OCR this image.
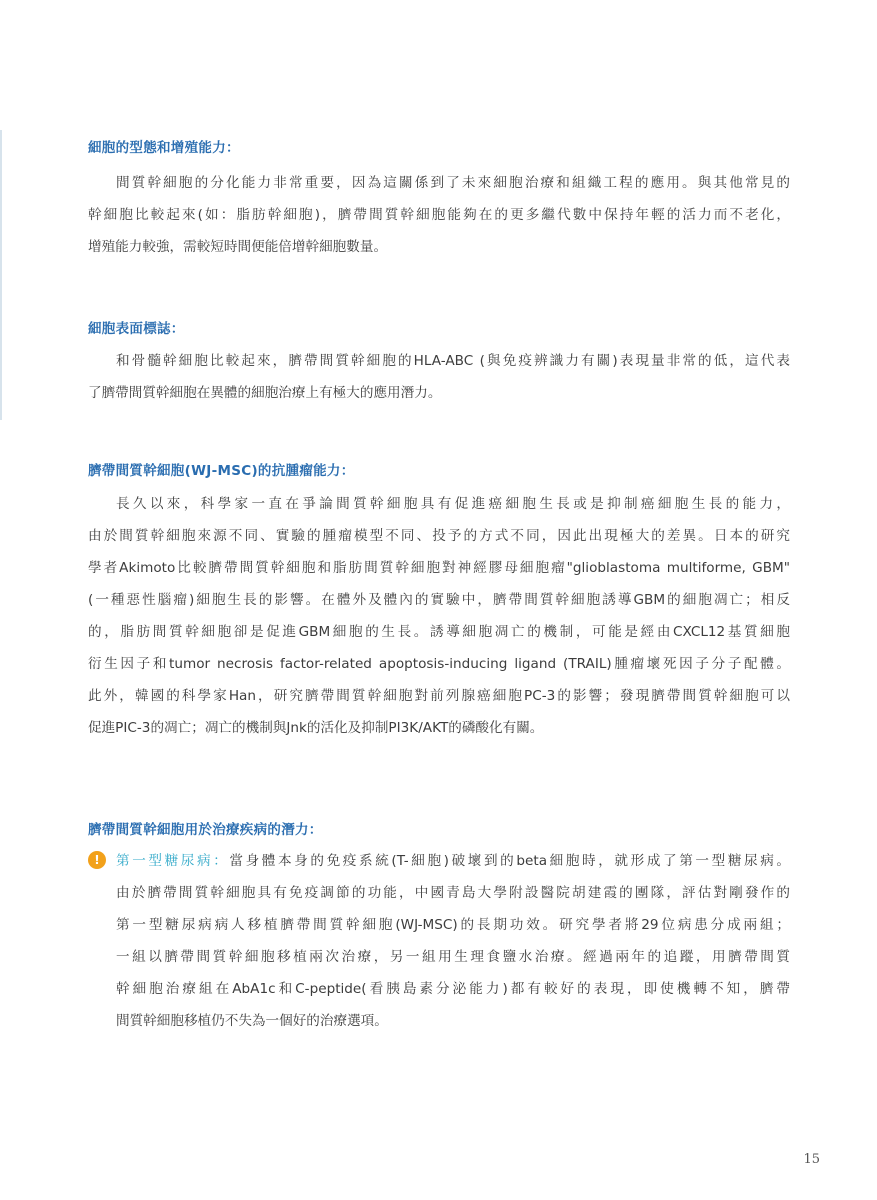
細胞的型態和增殖能力：

間質幹細胞的分化能力非常重要，因為這關係到了未來細胞治療和組織工程的應用。與其他常見的

幹細胞比較起來(如：脂肪幹細胞)，臍帶間質幹細胞能夠在的更多繼代數中保持年輕的活力而不老化，

增殖能力較強，需較短時間便能倍增幹細胞數量。

細胞表面標誌：

和骨髓幹細胞比較起來，臍帶間質幹細胞的HLA-ABC (與免疫辨識力有關)表現量非常的低，這代表

了臍帶間質幹細胞在異體的細胞治療上有極大的應用潛力。

臍帶間質幹細胞(WJ-MSC)的抗腫瘤能力：

長久以來，科學家一直在爭論間質幹細胞具有促進癌細胞生長或是抑制癌細胞生長的能力，

由於間質幹細胞來源不同、實驗的腫瘤模型不同、投予的方式不同，因此出現極大的差異。日本的研究

學者Akimoto比較臍帶間質幹細胞和脂肪間質幹細胞對神經膠母細胞瘤"glioblastoma multiforme, GBM"

(一種惡性腦瘤)細胞生長的影響。在體外及體內的實驗中，臍帶間質幹細胞誘導GBM的細胞凋亡；相反

的，脂肪間質幹細胞卻是促進GBM細胞的生長。誘導細胞凋亡的機制，可能是經由CXCL12基質細胞

衍生因子和tumor necrosis factor-related apoptosis-inducing ligand (TRAIL)腫瘤壞死因子分子配體。

此外，韓國的科學家Han，研究臍帶間質幹細胞對前列腺癌細胞PC-3的影響；發現臍帶間質幹細胞可以

促進PIC-3的凋亡；凋亡的機制與Jnk的活化及抑制PI3K/AKT的磷酸化有關。

臍帶間質幹細胞用於治療疾病的潛力：
!	第一型糖尿病：當身體本身的免疫系統(T-細胞)破壞到的beta細胞時，就形成了第一型糖尿病。

由於臍帶間質幹細胞具有免疫調節的功能，中國青島大學附設醫院胡建霞的團隊，評估對剛發作的

第一型糖尿病病人移植臍帶間質幹細胞(WJ-MSC)的長期功效。研究學者將29位病患分成兩組；

一組以臍帶間質幹細胞移植兩次治療，另一組用生理食鹽水治療。經過兩年的追蹤，用臍帶間質

幹細胞治療組在AbA1c和C-peptide(看胰島素分泌能力)都有較好的表現，即使機轉不知，臍帶

間質幹細胞移植仍不失為一個好的治療選項。

15
